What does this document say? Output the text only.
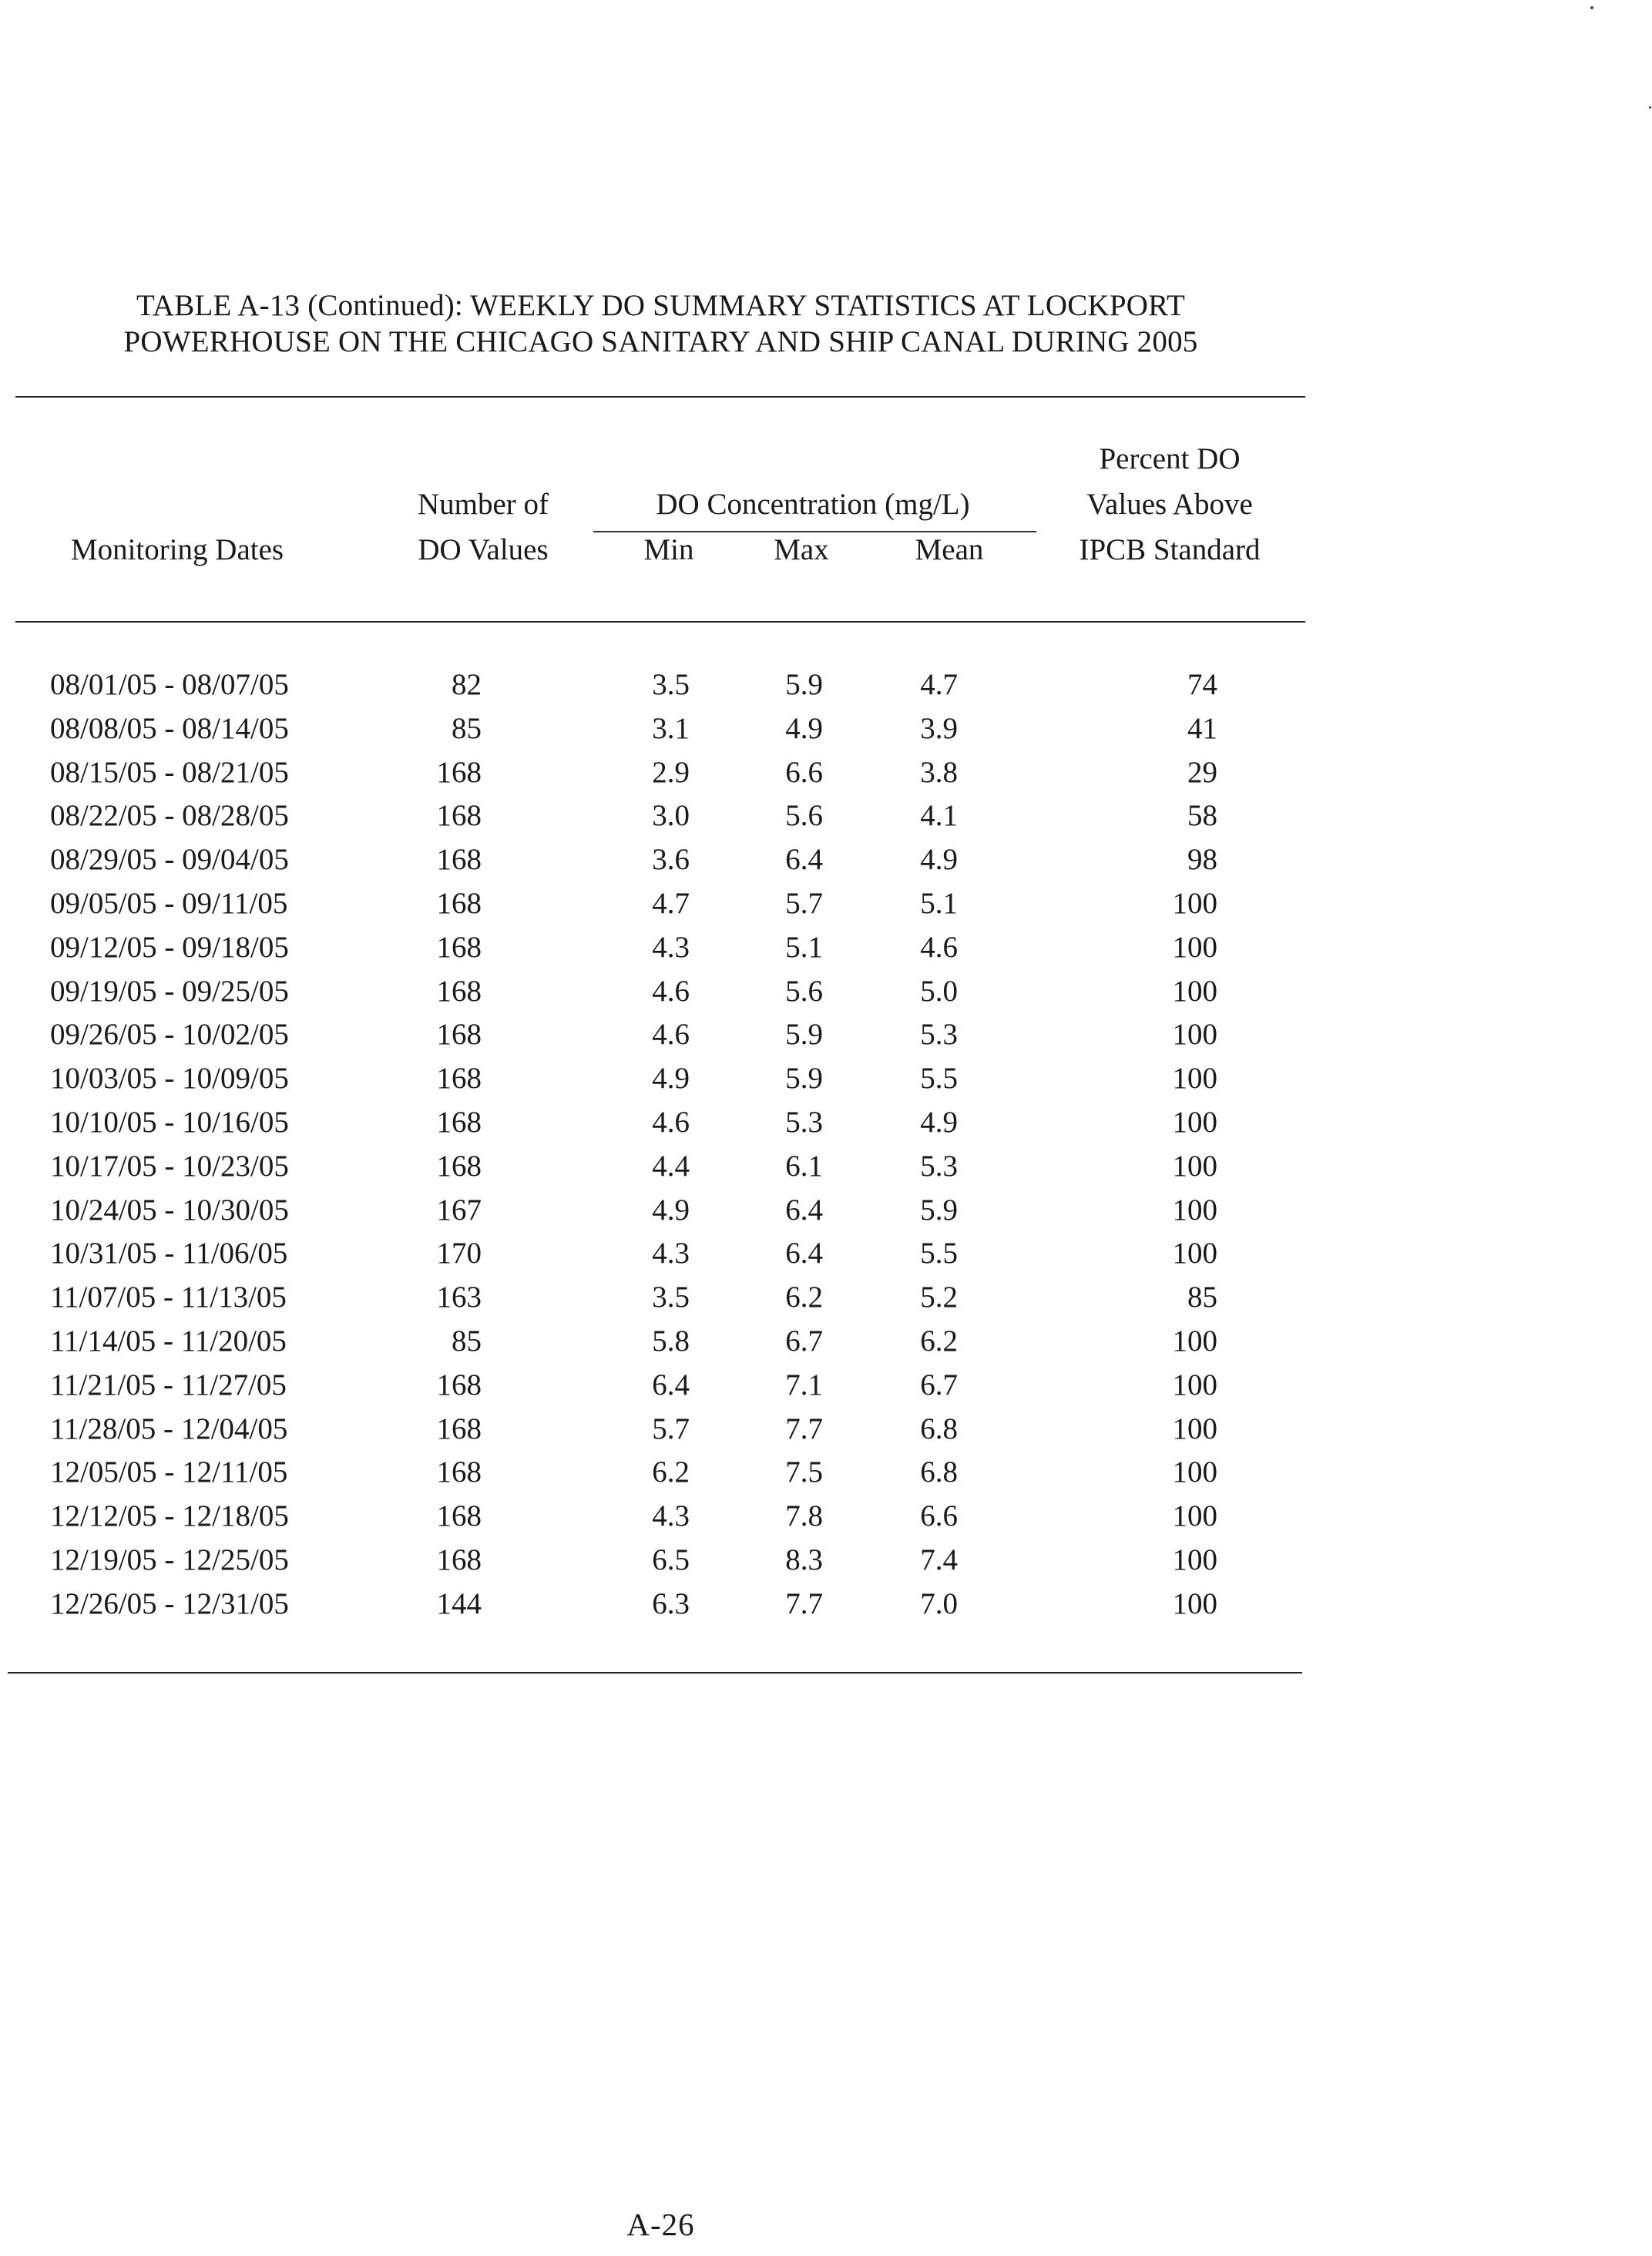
TABLE A-13 (Continued): WEEKLY DO SUMMARY STATISTICS AT LOCKPORT
POWERHOUSE ON THE CHICAGO SANITARY AND SHIP CANAL DURING 2005
Percent DO
Number of	DO Concentration (mg/L)	Values Above
Monitoring Dates	DO Values	Min	Max	Mean	IPCB Standard
08/01/05 - 08/07/05	82	3.5	5.9	4.7	74
08/08/05 - 08/14/05	85	3.1	4.9	3.9	41
08/15/05 - 08/21/05	168	2.9	6.6	3.8	29
08/22/05 - 08/28/05	168	3.0	5.6	4.1	58
08/29/05 - 09/04/05	168	3.6	6.4	4.9	98
09/05/05 - 09/11/05	168	4.7	5.7	5.1	100
09/12/05 - 09/18/05	168	4.3	5.1	4.6	100
09/19/05 - 09/25/05	168	4.6	5.6	5.0	100
09/26/05 - 10/02/05	168	4.6	5.9	5.3	100
10/03/05 - 10/09/05	168	4.9	5.9	5.5	100
10/10/05 - 10/16/05	168	4.6	5.3	4.9	100
10/17/05 - 10/23/05	168	4.4	6.1	5.3	100
10/24/05 - 10/30/05	167	4.9	6.4	5.9	100
10/31/05 - 11/06/05	170	4.3	6.4	5.5	100
11/07/05 - 11/13/05	163	3.5	6.2	5.2	85
11/14/05 - 11/20/05	85	5.8	6.7	6.2	100
11/21/05 - 11/27/05	168	6.4	7.1	6.7	100
11/28/05 - 12/04/05	168	5.7	7.7	6.8	100
12/05/05 - 12/11/05	168	6.2	7.5	6.8	100
12/12/05 - 12/18/05	168	4.3	7.8	6.6	100
12/19/05 - 12/25/05	168	6.5	8.3	7.4	100
12/26/05 - 12/31/05	144	6.3	7.7	7.0	100
A-26
